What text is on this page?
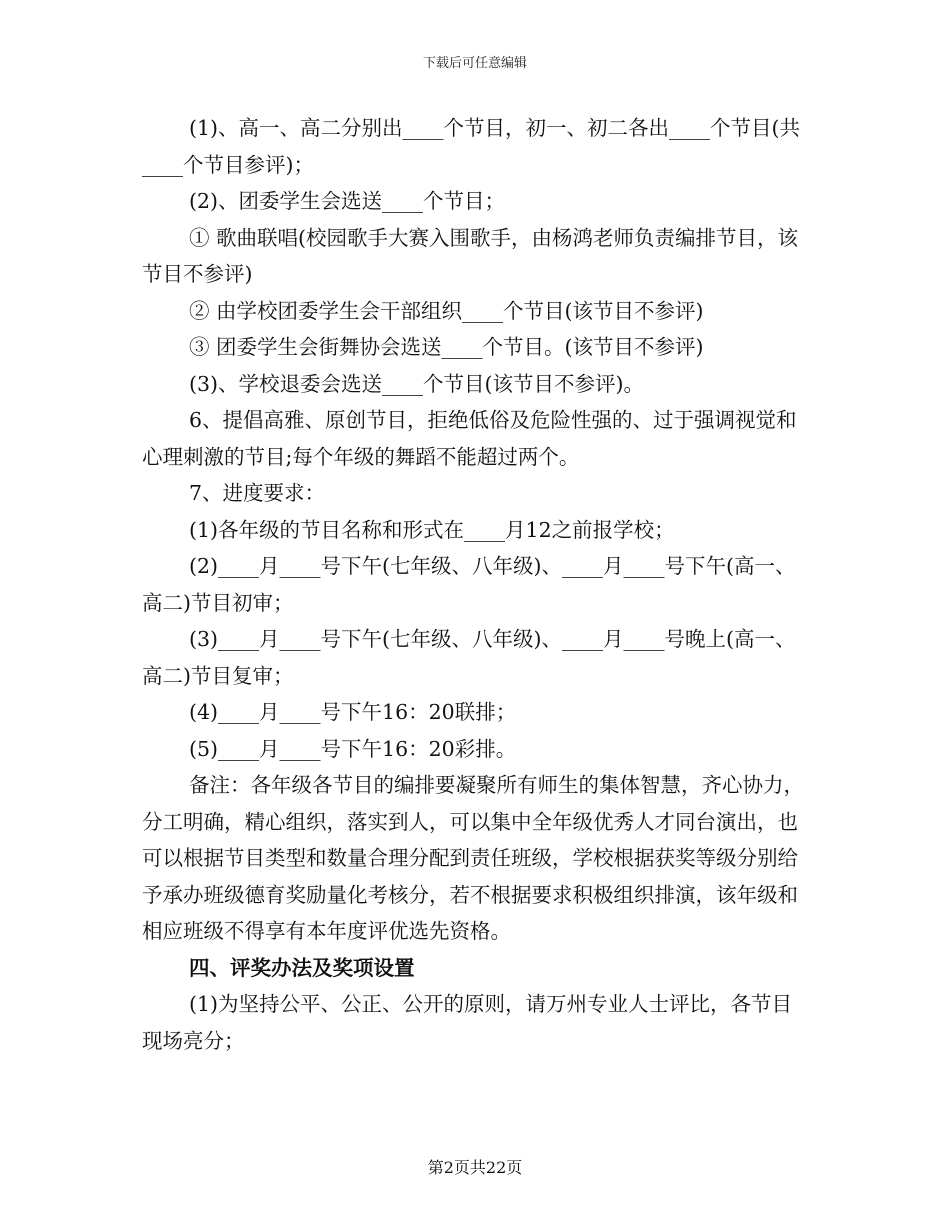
下载后可任意编辑

(1)、高一、高二分别出____个节目，初一、初二各出____个节目(共____个节目参评)；

(2)、团委学生会选送____个节目；

① 歌曲联唱(校园歌手大赛入围歌手，由杨鸿老师负责编排节目，该节目不参评)

② 由学校团委学生会干部组织____个节目(该节目不参评)

③ 团委学生会街舞协会选送____个节目。(该节目不参评)

(3)、学校退委会选送____个节目(该节目不参评)。

6、提倡高雅、原创节目，拒绝低俗及危险性强的、过于强调视觉和心理刺激的节目;每个年级的舞蹈不能超过两个。

7、进度要求：

(1)各年级的节目名称和形式在____月12之前报学校；

(2)____月____号下午(七年级、八年级)、____月____号下午(高一、高二)节目初审；

(3)____月____号下午(七年级、八年级)、____月____号晚上(高一、高二)节目复审；

(4)____月____号下午16：20联排；

(5)____月____号下午16：20彩排。

备注：各年级各节目的编排要凝聚所有师生的集体智慧，齐心协力，分工明确，精心组织，落实到人，可以集中全年级优秀人才同台演出，也可以根据节目类型和数量合理分配到责任班级，学校根据获奖等级分别给予承办班级德育奖励量化考核分，若不根据要求积极组织排演，该年级和相应班级不得享有本年度评优选先资格。

四、评奖办法及奖项设置

(1)为坚持公平、公正、公开的原则，请万州专业人士评比，各节目现场亮分；

第2页共22页
